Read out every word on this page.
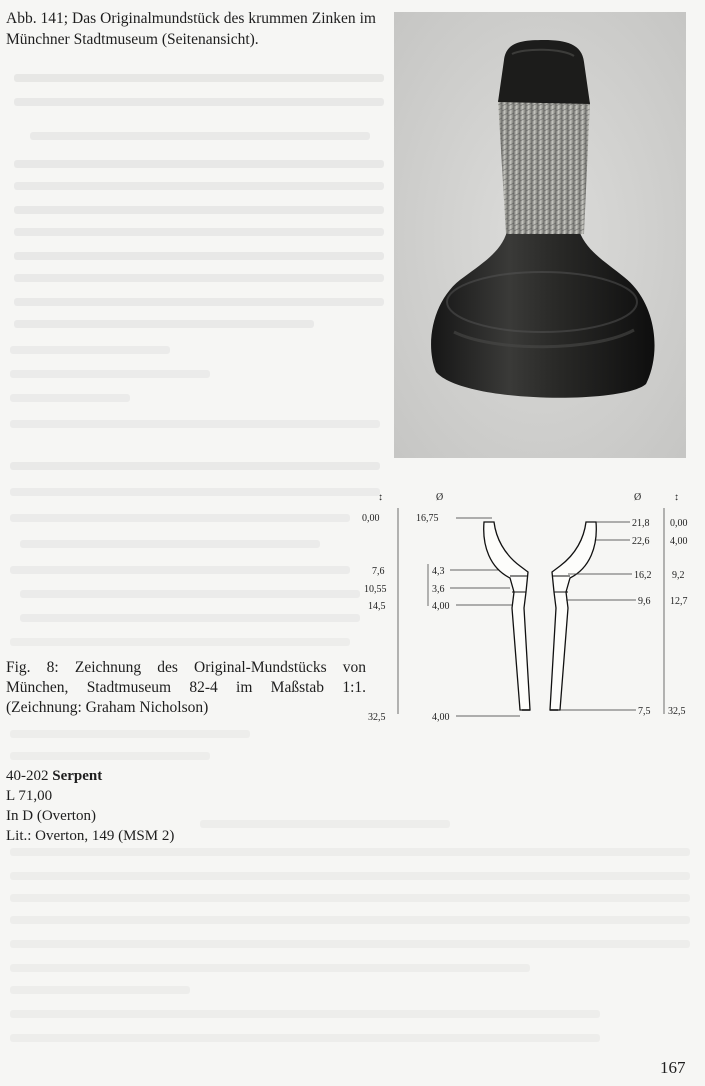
Abb. 141; Das Originalmundstück des krummen Zinken im Münchner Stadtmuseum (Seitenansicht).
↕	Ø
0,00	16,75
7,6	4,3
10,55	3,6
14,5	4,00
32,5	4,00
Ø	↕
21,8 0,00
22,6 4,00
16,2 9,2
9,6 12,7
7,5 32,5
Fig. 8: Zeichnung des Original-Mundstücks von München, Stadtmuseum 82-4 im Maßstab 1:1. (Zeichnung: Graham Nicholson)
40-202 Serpent
L 71,00
In D (Overton)
Lit.: Overton, 149 (MSM 2)
167
